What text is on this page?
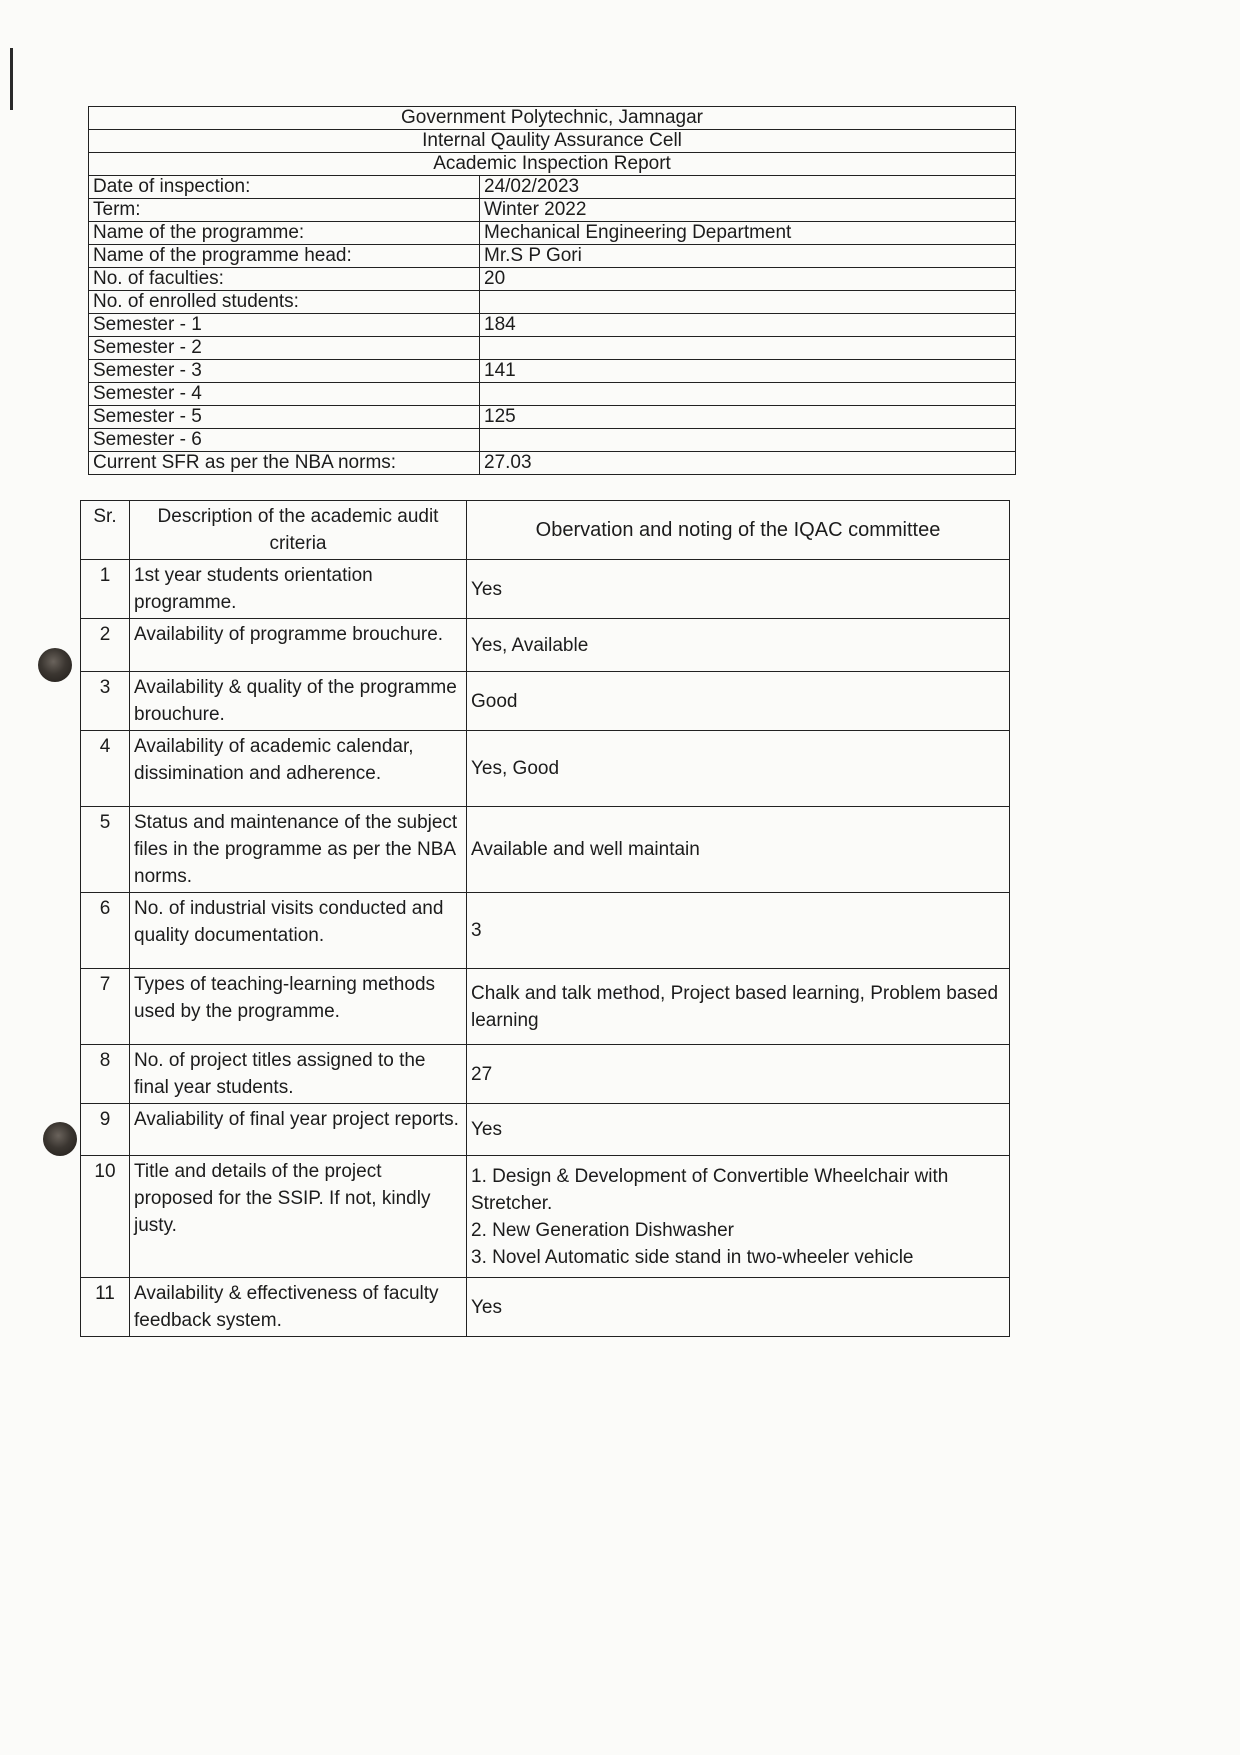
Government Polytechnic, Jamnagar	
Internal Qaulity Assurance Cell	
Academic Inspection Report	
Date of inspection:	24/02/2023
Term:	Winter 2022
Name of the programme:	Mechanical Engineering Department
Name of the programme head:	Mr.S P Gori
No. of faculties:	20
No. of enrolled students:	
Semester - 1	184
Semester - 2	
Semester - 3	141
Semester - 4	
Semester - 5	125
Semester - 6	
Current SFR as per the NBA norms:	27.03
Sr.	Description of the academic audit criteria	Obervation and noting of the IQAC committee
1	1st year students orientation programme.	Yes

2	Availability of programme brouchure.	Yes, Available

3	Availability & quality of the programme brouchure.	Good

4	Availability of academic calendar, dissimination and adherence.	Yes, Good

5	Status and maintenance of the subject files in the programme as per the NBA norms.	Available and well maintain

6	No. of industrial visits conducted and quality documentation.	3

7	Types of teaching-learning methods used by the programme.	Chalk and talk method, Project based learning, Problem based learning

8	No. of project titles assigned to the final year students.	27

9	Avaliability of final year project reports.	Yes

10	Title and details of the project proposed for the SSIP. If not, kindly justy.	1. Design & Development of Convertible Wheelchair with Stretcher.
2. New Generation Dishwasher
3. Novel Automatic side stand in two-wheeler vehicle

11	Availability & effectiveness of faculty feedback system.	Yes
